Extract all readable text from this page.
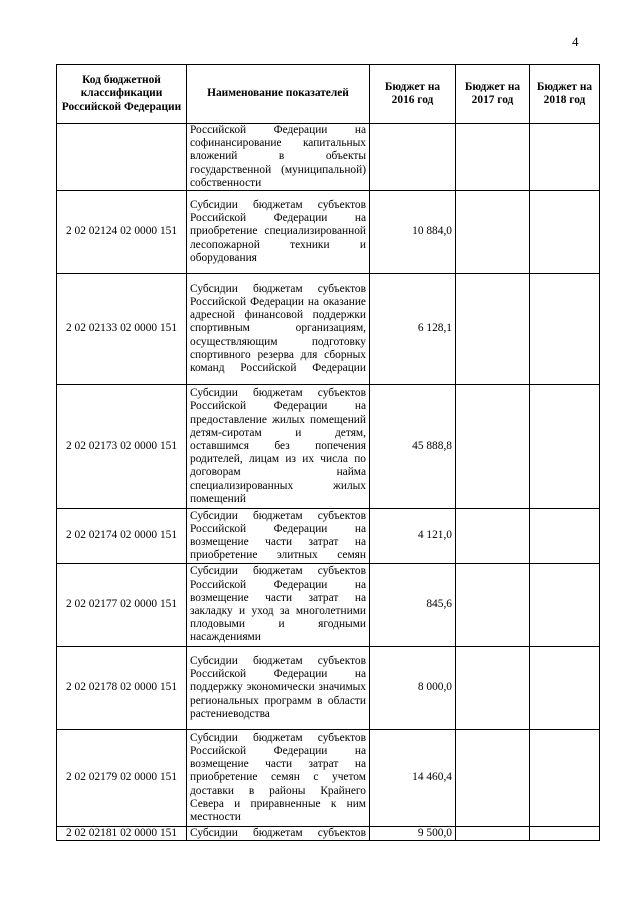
4
Код бюджетной классификации Российской Федерации	Наименование показателей	Бюджет на 2016 год	Бюджет на 2017 год	Бюджет на 2018 год
	Российской Федерации на софинансирование капитальных вложений в объекты государственной (муниципальной) собственности			
2 02 02124 02 0000 151	Субсидии бюджетам субъектов Российской Федерации на приобретение специализированной лесопожарной техники и оборудования	10 884,0		
2 02 02133 02 0000 151	Субсидии бюджетам субъектов Российской Федерации на оказание адресной финансовой поддержки спортивным организациям, осуществляющим подготовку спортивного резерва для сборных команд Российской Федерации	6 128,1		
2 02 02173 02 0000 151	Субсидии бюджетам субъектов Российской Федерации на предоставление жилых помещений детям-сиротам и детям, оставшимся без попечения родителей, лицам из их числа по договорам найма специализированных жилых помещений	45 888,8		
2 02 02174 02 0000 151	Субсидии бюджетам субъектов Российской Федерации на возмещение части затрат на приобретение элитных семян	4 121,0		
2 02 02177 02 0000 151	Субсидии бюджетам субъектов Российской Федерации на возмещение части затрат на закладку и уход за многолетними плодовыми и ягодными насаждениями	845,6		
2 02 02178 02 0000 151	Субсидии бюджетам субъектов Российской Федерации на поддержку экономически значимых региональных программ в области растениеводства	8 000,0		
2 02 02179 02 0000 151	Субсидии бюджетам субъектов Российской Федерации на возмещение части затрат на приобретение семян с учетом доставки в районы Крайнего Севера и приравненные к ним местности	14 460,4		
2 02 02181 02 0000 151	Субсидии бюджетам субъектов	9 500,0		
